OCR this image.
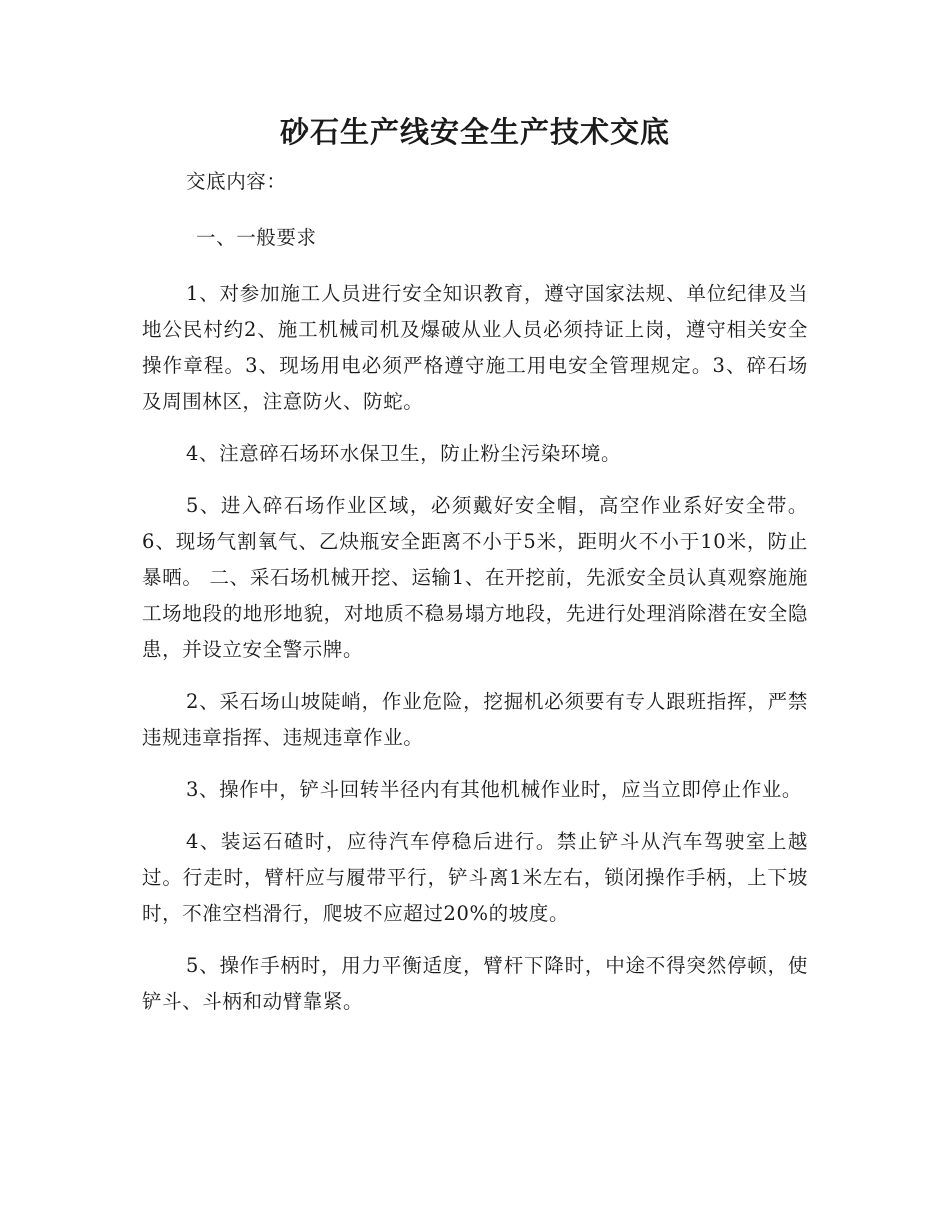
砂石生产线安全生产技术交底

交底内容：

一、一般要求

1、对参加施工人员进行安全知识教育，遵守国家法规、单位纪律及当地公民村约2、施工机械司机及爆破从业人员必须持证上岗，遵守相关安全操作章程。3、现场用电必须严格遵守施工用电安全管理规定。3、碎石场及周围林区，注意防火、防蛇。

4、注意碎石场环水保卫生，防止粉尘污染环境。

5、进入碎石场作业区域，必须戴好安全帽，高空作业系好安全带。6、现场气割氧气、乙炔瓶安全距离不小于5米，距明火不小于10米，防止暴晒。 二、采石场机械开挖、运输1、在开挖前，先派安全员认真观察施施工场地段的地形地貌，对地质不稳易塌方地段，先进行处理消除潜在安全隐患，并设立安全警示牌。

2、采石场山坡陡峭，作业危险，挖掘机必须要有专人跟班指挥，严禁违规违章指挥、违规违章作业。

3、操作中，铲斗回转半径内有其他机械作业时，应当立即停止作业。

4、装运石碴时，应待汽车停稳后进行。禁止铲斗从汽车驾驶室上越过。行走时，臂杆应与履带平行，铲斗离1米左右，锁闭操作手柄，上下坡时，不准空档滑行，爬坡不应超过20%的坡度。

5、操作手柄时，用力平衡适度，臂杆下降时，中途不得突然停顿，使铲斗、斗柄和动臂靠紧。
